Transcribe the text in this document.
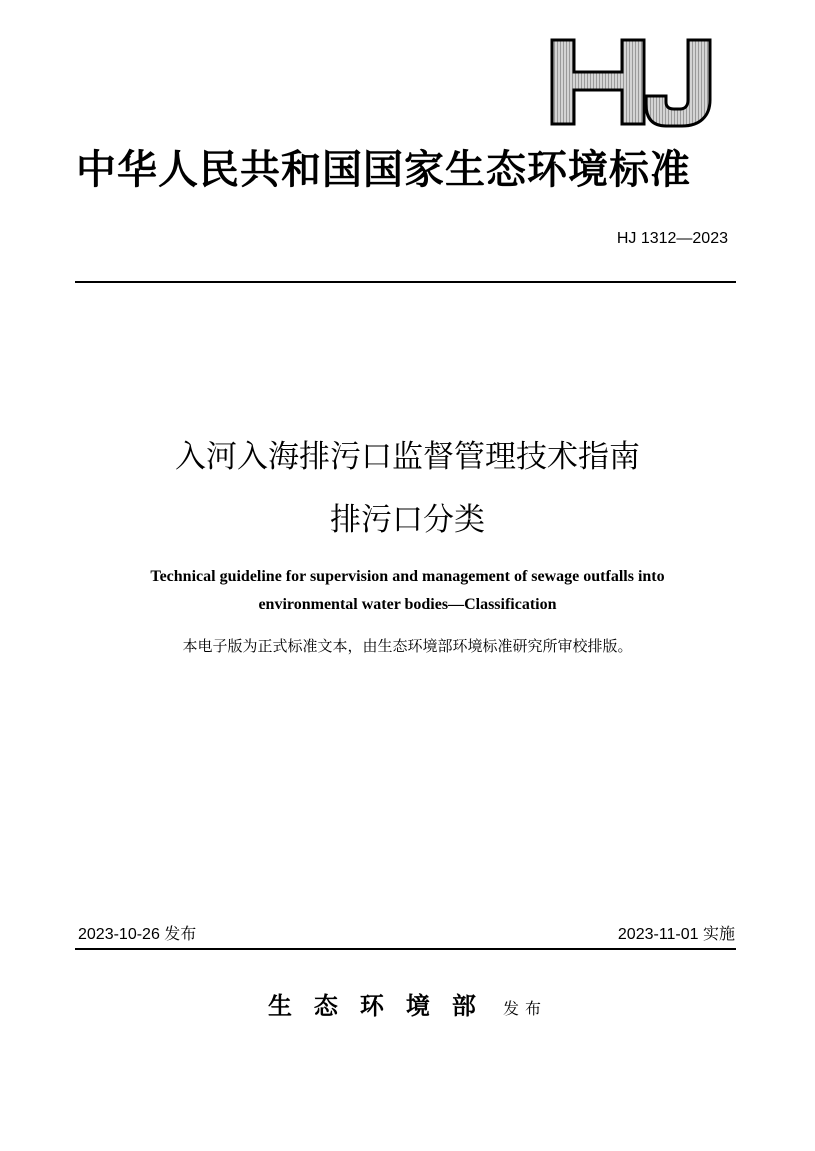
中华人民共和国国家生态环境标准
HJ 1312—2023
入河入海排污口监督管理技术指南
排污口分类
Technical guideline for supervision and management of sewage outfalls into
environmental water bodies—Classification
本电子版为正式标准文本，由生态环境部环境标准研究所审校排版。
2023-10-26 发布	2023-11-01 实施
生态环境部 发布
